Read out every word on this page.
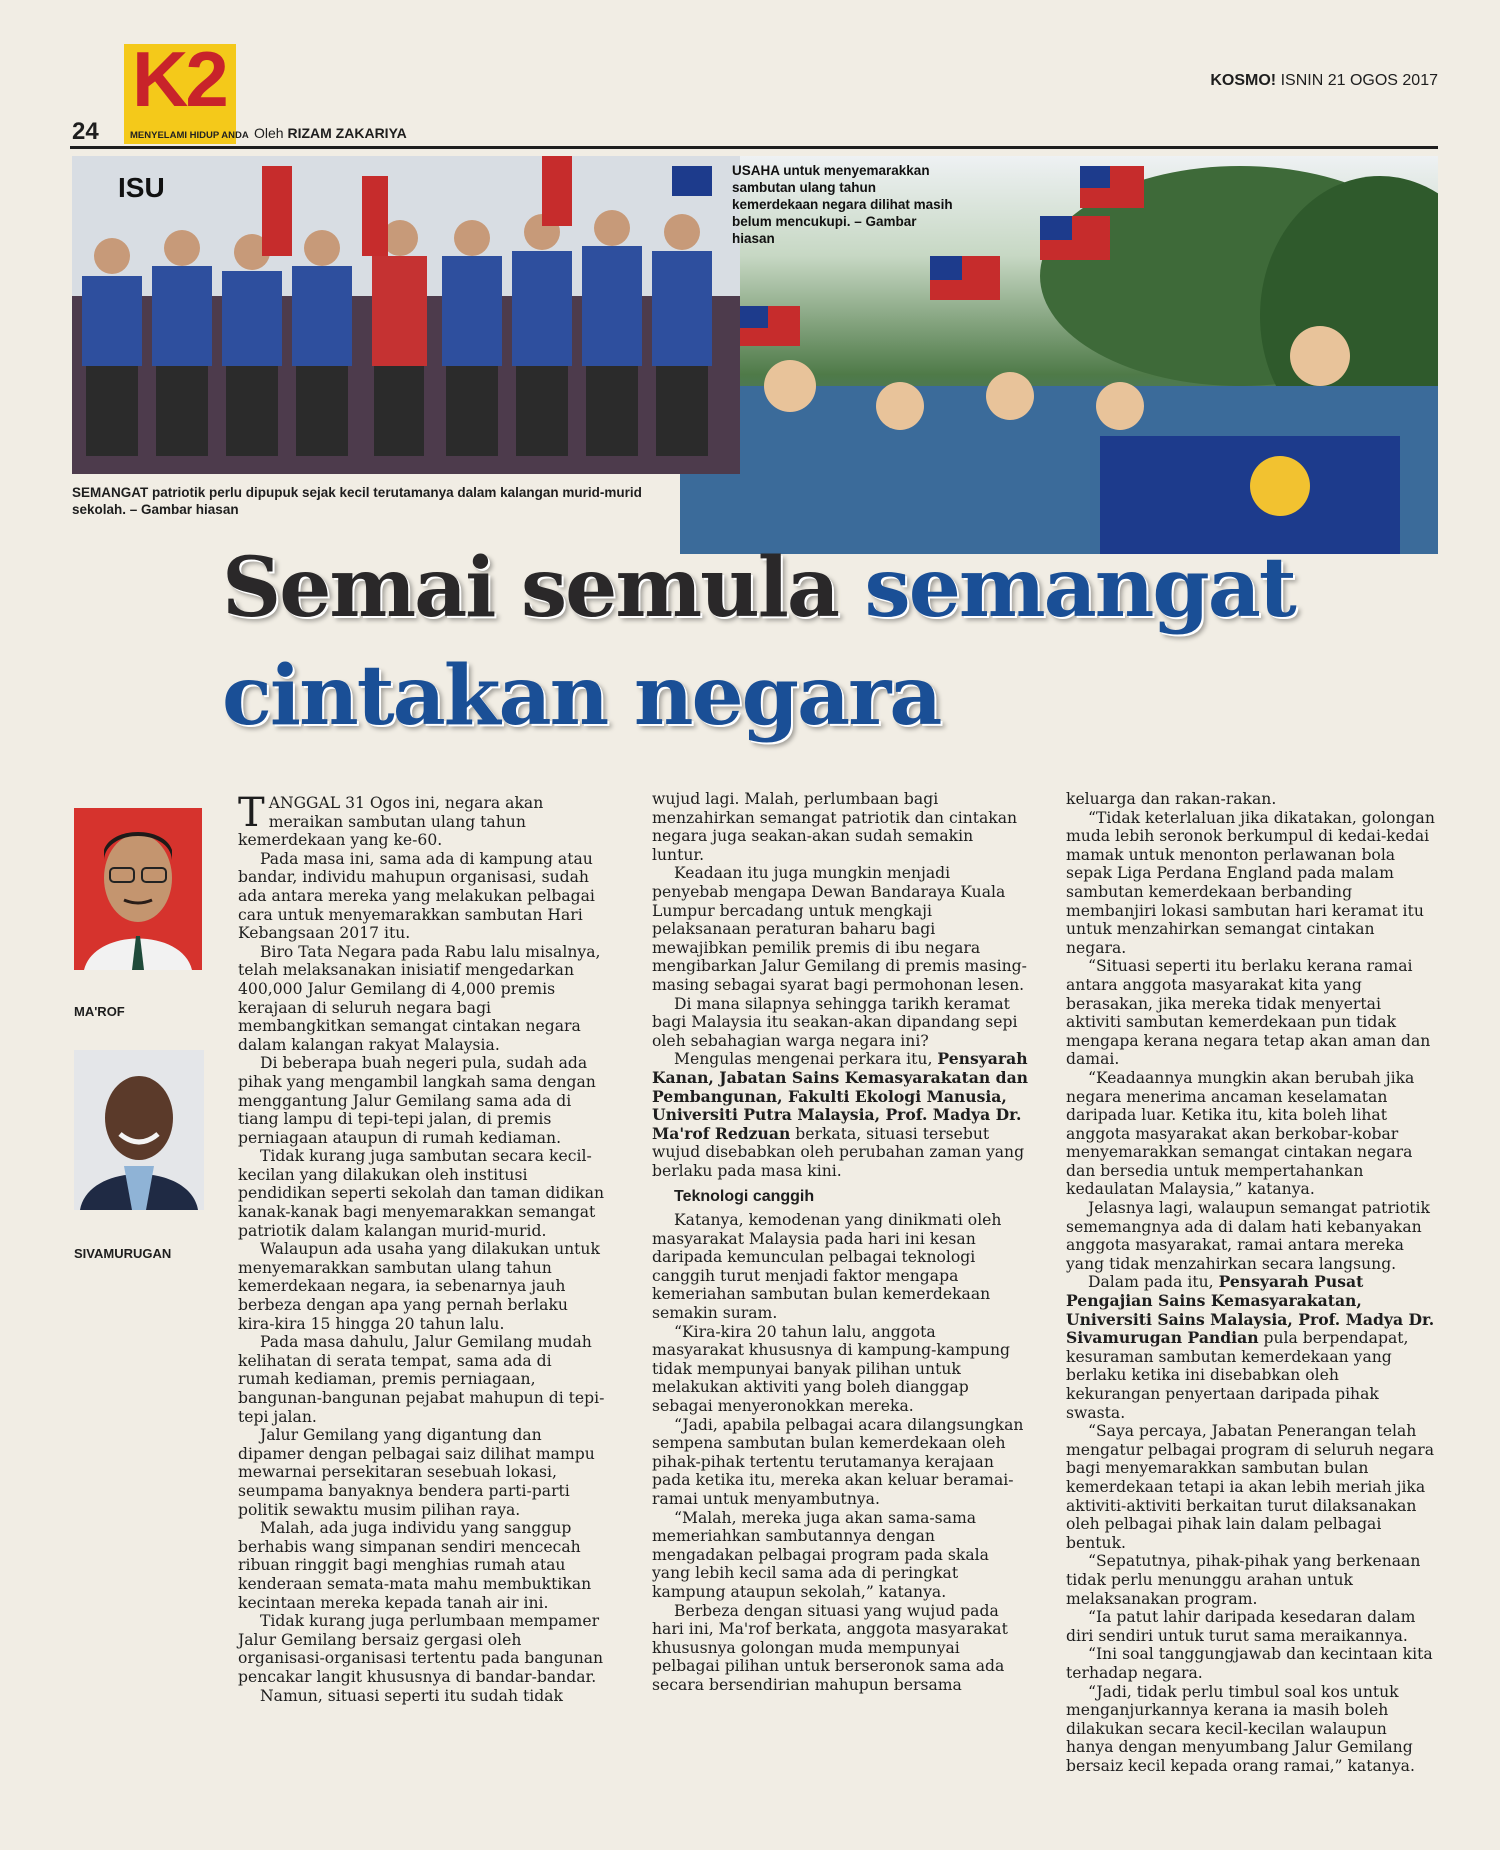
K2
MENYELAMI HIDUP ANDA
24	Oleh RIZAM ZAKARIYA
KOSMO! ISNIN 21 OGOS 2017
ISU
USAHA untuk menyemarakkan sambutan ulang tahun kemerdekaan negara dilihat masih belum mencukupi. – Gambar hiasan
SEMANGAT patriotik perlu dipupuk sejak kecil terutamanya dalam kalangan murid-murid sekolah. – Gambar hiasan
Semai semula semangat
cintakan negara
MA'ROF
SIVAMURUGAN

TANGGAL 31 Ogos ini, negara akan meraikan sambutan ulang tahun kemerdekaan yang ke-60.

Pada masa ini, sama ada di kampung atau bandar, individu mahupun organisasi, sudah ada antara mereka yang melakukan pelbagai cara untuk menyemarakkan sambutan Hari Kebangsaan 2017 itu.

Biro Tata Negara pada Rabu lalu misalnya, telah melaksanakan inisiatif mengedarkan 400,000 Jalur Gemilang di 4,000 premis kerajaan di seluruh negara bagi membangkitkan semangat cintakan negara dalam kalangan rakyat Malaysia.

Di beberapa buah negeri pula, sudah ada pihak yang mengambil langkah sama dengan menggantung Jalur Gemilang sama ada di tiang lampu di tepi-tepi jalan, di premis perniagaan ataupun di rumah kediaman.

Tidak kurang juga sambutan secara kecil-kecilan yang dilakukan oleh institusi pendidikan seperti sekolah dan taman didikan kanak-kanak bagi menyemarakkan semangat patriotik dalam kalangan murid-murid.

Walaupun ada usaha yang dilakukan untuk menyemarakkan sambutan ulang tahun kemerdekaan negara, ia sebenarnya jauh berbeza dengan apa yang pernah berlaku kira-kira 15 hingga 20 tahun lalu.

Pada masa dahulu, Jalur Gemilang mudah kelihatan di serata tempat, sama ada di rumah kediaman, premis perniagaan, bangunan-bangunan pejabat mahupun di tepi-tepi jalan.

Jalur Gemilang yang digantung dan dipamer dengan pelbagai saiz dilihat mampu mewarnai persekitaran sesebuah lokasi, seumpama banyaknya bendera parti-parti politik sewaktu musim pilihan raya.

Malah, ada juga individu yang sanggup berhabis wang simpanan sendiri mencecah ribuan ringgit bagi menghias rumah atau kenderaan semata-mata mahu membuktikan kecintaan mereka kepada tanah air ini.

Tidak kurang juga perlumbaan mempamer Jalur Gemilang bersaiz gergasi oleh organisasi-organisasi tertentu pada bangunan pencakar langit khususnya di bandar-bandar.

Namun, situasi seperti itu sudah tidak

wujud lagi. Malah, perlumbaan bagi menzahirkan semangat patriotik dan cintakan negara juga seakan-akan sudah semakin luntur.

Keadaan itu juga mungkin menjadi penyebab mengapa Dewan Bandaraya Kuala Lumpur bercadang untuk mengkaji pelaksanaan peraturan baharu bagi mewajibkan pemilik premis di ibu negara mengibarkan Jalur Gemilang di premis masing-masing sebagai syarat bagi permohonan lesen.

Di mana silapnya sehingga tarikh keramat bagi Malaysia itu seakan-akan dipandang sepi oleh sebahagian warga negara ini?

Mengulas mengenai perkara itu, Pensyarah Kanan, Jabatan Sains Kemasyarakatan dan Pembangunan, Fakulti Ekologi Manusia, Universiti Putra Malaysia, Prof. Madya Dr. Ma'rof Redzuan berkata, situasi tersebut wujud disebabkan oleh perubahan zaman yang berlaku pada masa kini.

Teknologi canggih

Katanya, kemodenan yang dinikmati oleh masyarakat Malaysia pada hari ini kesan daripada kemunculan pelbagai teknologi canggih turut menjadi faktor mengapa kemeriahan sambutan bulan kemerdekaan semakin suram.

“Kira-kira 20 tahun lalu, anggota masyarakat khususnya di kampung-kampung tidak mempunyai banyak pilihan untuk melakukan aktiviti yang boleh dianggap sebagai menyeronokkan mereka.

“Jadi, apabila pelbagai acara dilangsungkan sempena sambutan bulan kemerdekaan oleh pihak-pihak tertentu terutamanya kerajaan pada ketika itu, mereka akan keluar beramai-ramai untuk menyambutnya.

“Malah, mereka juga akan sama-sama memeriahkan sambutannya dengan mengadakan pelbagai program pada skala yang lebih kecil sama ada di peringkat kampung ataupun sekolah,” katanya.

Berbeza dengan situasi yang wujud pada hari ini, Ma'rof berkata, anggota masyarakat khususnya golongan muda mempunyai pelbagai pilihan untuk berseronok sama ada secara bersendirian mahupun bersama

keluarga dan rakan-rakan.

“Tidak keterlaluan jika dikatakan, golongan muda lebih seronok berkumpul di kedai-kedai mamak untuk menonton perlawanan bola sepak Liga Perdana England pada malam sambutan kemerdekaan berbanding membanjiri lokasi sambutan hari keramat itu untuk menzahirkan semangat cintakan negara.

“Situasi seperti itu berlaku kerana ramai antara anggota masyarakat kita yang berasakan, jika mereka tidak menyertai aktiviti sambutan kemerdekaan pun tidak mengapa kerana negara tetap akan aman dan damai.

“Keadaannya mungkin akan berubah jika negara menerima ancaman keselamatan daripada luar. Ketika itu, kita boleh lihat anggota masyarakat akan berkobar-kobar menyemarakkan semangat cintakan negara dan bersedia untuk mempertahankan kedaulatan Malaysia,” katanya.

Jelasnya lagi, walaupun semangat patriotik sememangnya ada di dalam hati kebanyakan anggota masyarakat, ramai antara mereka yang tidak menzahirkan secara langsung.

Dalam pada itu, Pensyarah Pusat Pengajian Sains Kemasyarakatan, Universiti Sains Malaysia, Prof. Madya Dr. Sivamurugan Pandian pula berpendapat, kesuraman sambutan kemerdekaan yang berlaku ketika ini disebabkan oleh kekurangan penyertaan daripada pihak swasta.

“Saya percaya, Jabatan Penerangan telah mengatur pelbagai program di seluruh negara bagi menyemarakkan sambutan bulan kemerdekaan tetapi ia akan lebih meriah jika aktiviti-aktiviti berkaitan turut dilaksanakan oleh pelbagai pihak lain dalam pelbagai bentuk.

“Sepatutnya, pihak-pihak yang berkenaan tidak perlu menunggu arahan untuk melaksanakan program.

“Ia patut lahir daripada kesedaran dalam diri sendiri untuk turut sama meraikannya.

“Ini soal tanggungjawab dan kecintaan kita terhadap negara.

“Jadi, tidak perlu timbul soal kos untuk menganjurkannya kerana ia masih boleh dilakukan secara kecil-kecilan walaupun hanya dengan menyumbang Jalur Gemilang bersaiz kecil kepada orang ramai,” katanya.
